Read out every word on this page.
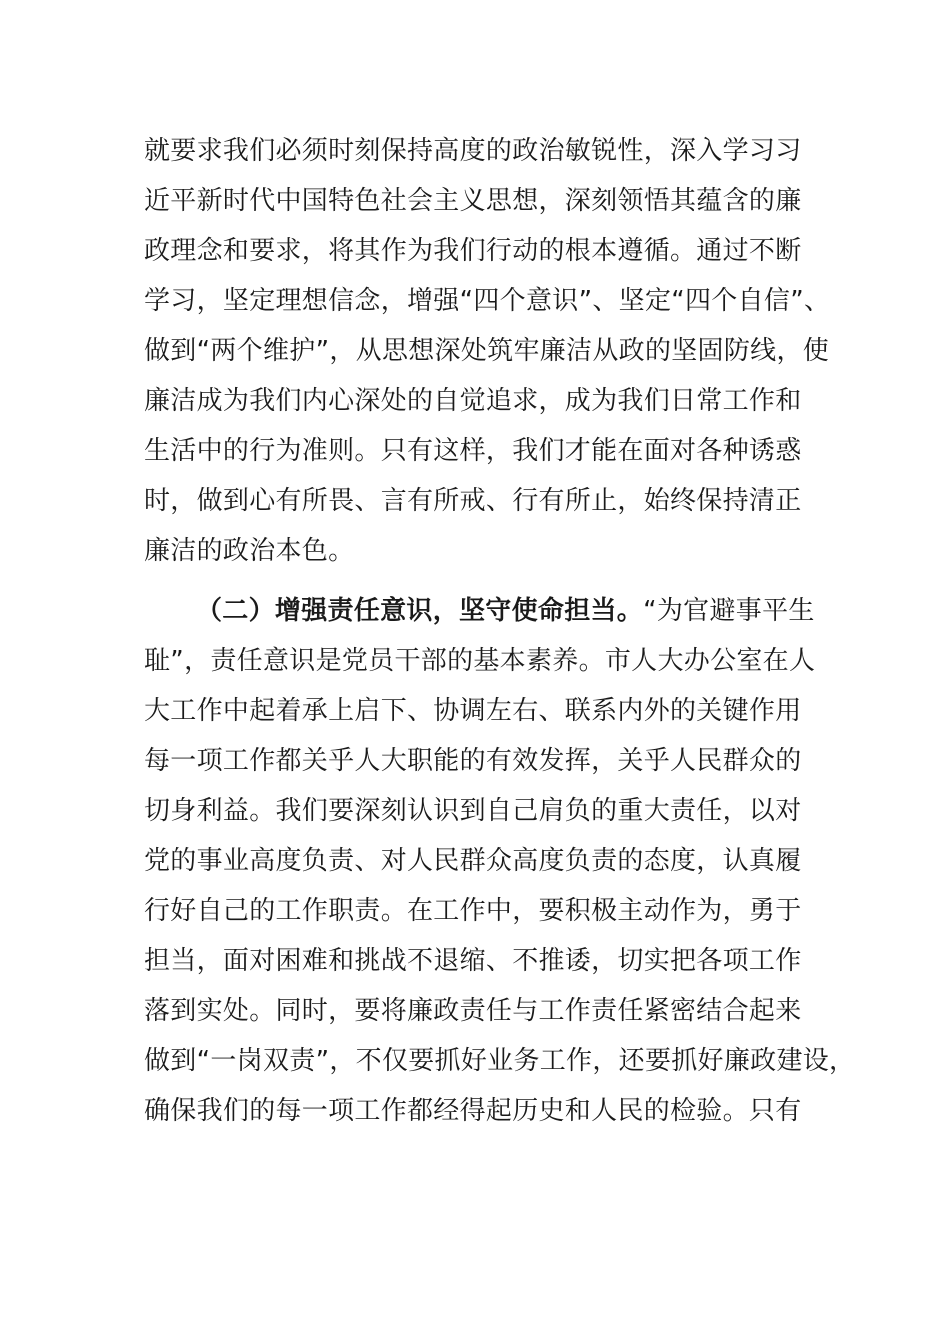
就要求我们必须时刻保持高度的政治敏锐性，深入学习习
近平新时代中国特色社会主义思想，深刻领悟其蕴含的廉
政理念和要求，将其作为我们行动的根本遵循。通过不断
学习，坚定理想信念，增强“四个意识”、坚定“四个自信”、
做到“两个维护”，从思想深处筑牢廉洁从政的坚固防线，使
廉洁成为我们内心深处的自觉追求，成为我们日常工作和
生活中的行为准则。只有这样，我们才能在面对各种诱惑
时，做到心有所畏、言有所戒、行有所止，始终保持清正
廉洁的政治本色。
（二）增强责任意识，坚守使命担当。“为官避事平生
耻”，责任意识是党员干部的基本素养。市人大办公室在人
大工作中起着承上启下、协调左右、联系内外的关键作用
每一项工作都关乎人大职能的有效发挥，关乎人民群众的
切身利益。我们要深刻认识到自己肩负的重大责任，以对
党的事业高度负责、对人民群众高度负责的态度，认真履
行好自己的工作职责。在工作中，要积极主动作为，勇于
担当，面对困难和挑战不退缩、不推诿，切实把各项工作
落到实处。同时，要将廉政责任与工作责任紧密结合起来
做到“一岗双责”，不仅要抓好业务工作，还要抓好廉政建设，
确保我们的每一项工作都经得起历史和人民的检验。只有
